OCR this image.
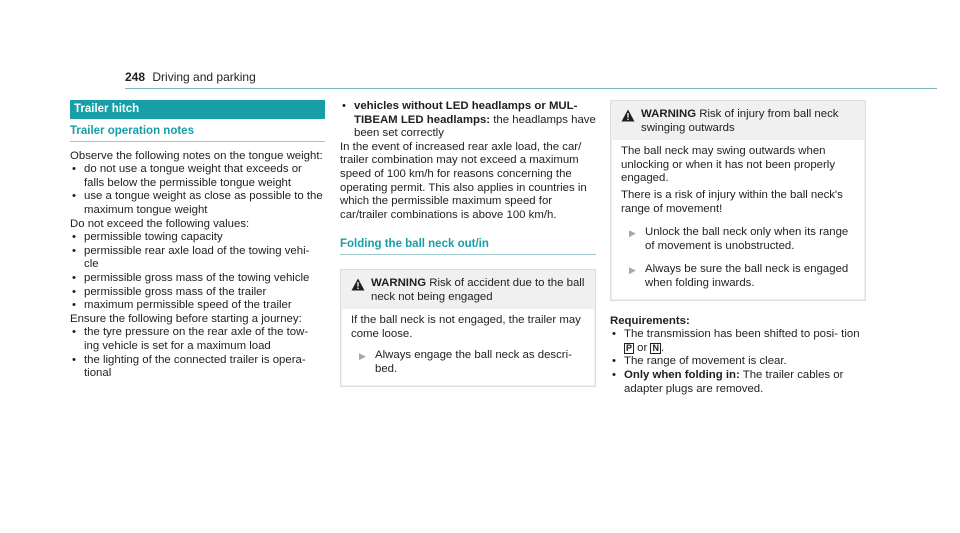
248 Driving and parking
Trailer hitch
Trailer operation notes

Observe the following notes on the tongue weight:

• do not use a tongue weight that exceeds or falls below the permissible tongue weight
• use a tongue weight as close as possible to the maximum tongue weight

Do not exceed the following values:

• permissible towing capacity
• permissible rear axle load of the towing vehi- cle
• permissible gross mass of the towing vehicle
• permissible gross mass of the trailer
• maximum permissible speed of the trailer

Ensure the following before starting a journey:

• the tyre pressure on the rear axle of the tow- ing vehicle is set for a maximum load
• the lighting of the connected trailer is opera- tional
• vehicles without LED headlamps or MUL- TIBEAM LED headlamps: the headlamps have been set correctly

In the event of increased rear axle load, the car/ trailer combination may not exceed a maximum speed of 100 km/h for reasons concerning the operating permit. This also applies in countries in which the permissible maximum speed for car/trailer combinations is above 100 km/h.

Folding the ball neck out/in
WARNING Risk of accident due to the ball neck not being engaged

If the ball neck is not engaged, the trailer may come loose.

▶ Always engage the ball neck as descri- bed.
WARNING Risk of injury from ball neck swinging outwards

The ball neck may swing outwards when unlocking or when it has not been properly engaged.

There is a risk of injury within the ball neck's range of movement!

▶ Unlock the ball neck only when its range of movement is unobstructed.
▶ Always be sure the ball neck is engaged when folding inwards.

Requirements:

• The transmission has been shifted to posi- tion P or N .
• The range of movement is clear.
• Only when folding in: The trailer cables or adapter plugs are removed.
